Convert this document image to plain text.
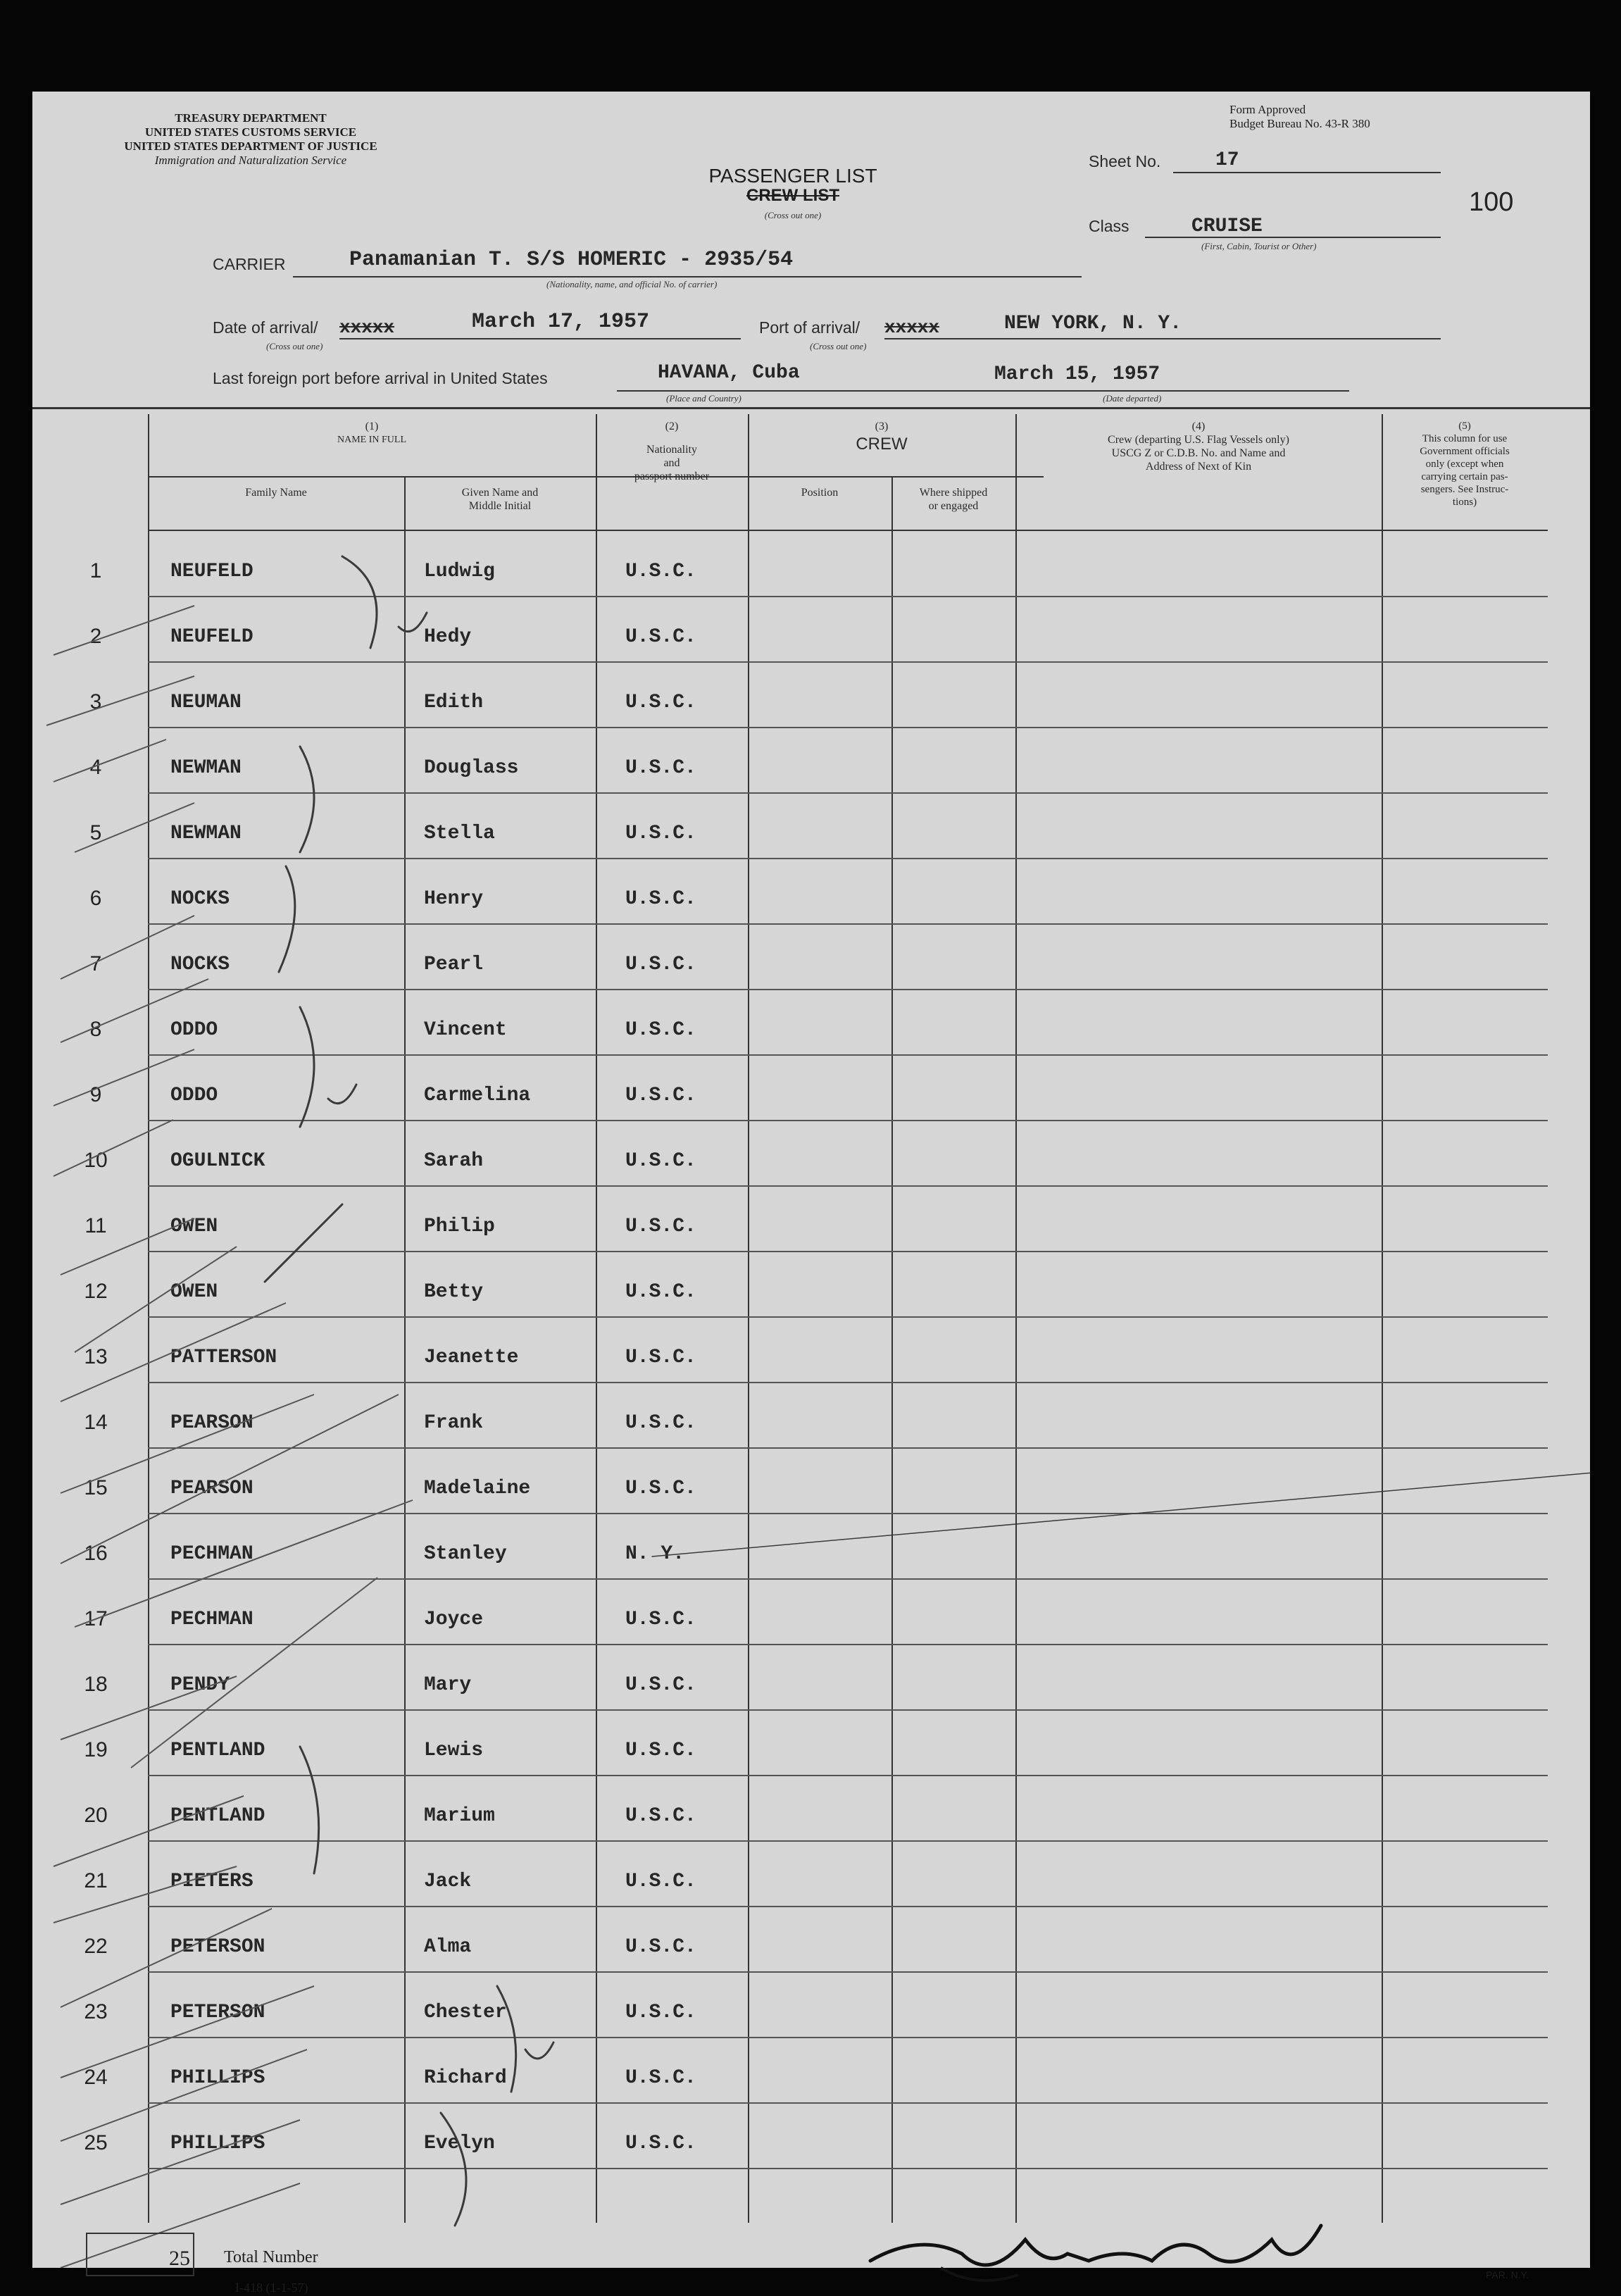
TREASURY DEPARTMENT
UNITED STATES CUSTOMS SERVICE
UNITED STATES DEPARTMENT OF JUSTICE
Immigration and Naturalization Service
Form Approved
Budget Bureau No. 43-R 380
PASSENGER LIST
CREW LIST
(Cross out one)
Sheet No.	17
100
Class	CRUISE
(First, Cabin, Tourist or Other)
CARRIER	Panamanian T. S/S HOMERIC - 2935/54
(Nationality, name, and official No. of carrier)
Date of arrival/ xxxxx	March 17, 1957
(Cross out one)
Port of arrival/ xxxxx	NEW YORK, N. Y.
(Cross out one)
Last foreign port before arrival in United States	HAVANA, Cuba
(Place and Country)
March 15, 1957
(Date departed)
(1)
NAME IN FULL
Family Name	Given Name and
Middle Initial
(2)
Nationality
and
passport number
(3)
CREW
Position	Where shipped
or engaged
(4)
Crew (departing U.S. Flag Vessels only)
USCG Z or C.D.B. No. and Name and
Address of Next of Kin
(5)
This column for use
Government officials
only (except when
carrying certain pas-
sengers. See Instruc-
tions)
1	NEUFELD	Ludwig	U.S.C.
2	NEUFELD	Hedy	U.S.C.
3	NEUMAN	Edith	U.S.C.
4	NEWMAN	Douglass	U.S.C.
5	NEWMAN	Stella	U.S.C.
6	NOCKS	Henry	U.S.C.
7	NOCKS	Pearl	U.S.C.
8	ODDO	Vincent	U.S.C.
9	ODDO	Carmelina	U.S.C.
10	OGULNICK	Sarah	U.S.C.
11	OWEN	Philip	U.S.C.
12	OWEN	Betty	U.S.C.
13	PATTERSON	Jeanette	U.S.C.
14	PEARSON	Frank	U.S.C.
15	PEARSON	Madelaine	U.S.C.
16	PECHMAN	Stanley	N. Y.
17	PECHMAN	Joyce	U.S.C.
18	PENDY	Mary	U.S.C.
19	PENTLAND	Lewis	U.S.C.
20	PENTLAND	Marium	U.S.C.
21	PIETERS	Jack	U.S.C.
22	PETERSON	Alma	U.S.C.
23	PETERSON	Chester	U.S.C.
24	PHILLIPS	Richard	U.S.C.
25	PHILLIPS	Evelyn	U.S.C.
25 Total Number
I-418 (1-1-57)
PAR. N.Y.
